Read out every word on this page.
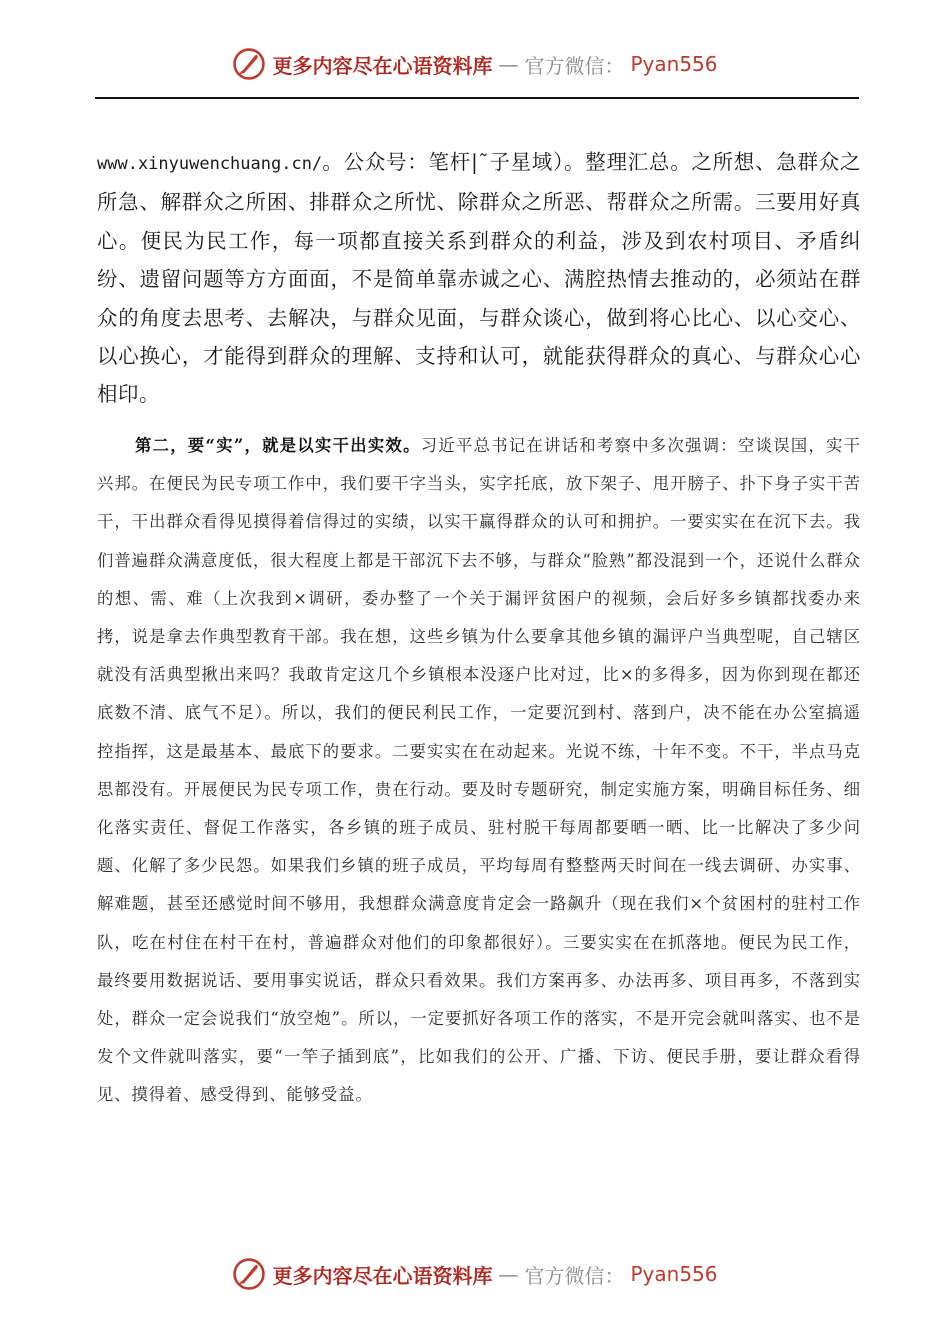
更多内容尽在心语资料库 — 官方微信： Pyan556

www.xinyuwenchuang.cn/。公众号：笔杆|˜子星域）。整理汇总。之所想、急群众之所急、解群众之所困、排群众之所忧、除群众之所恶、帮群众之所需。三要用好真心。便民为民工作，每一项都直接关系到群众的利益，涉及到农村项目、矛盾纠纷、遗留问题等方方面面，不是简单靠赤诚之心、满腔热情去推动的，必须站在群众的角度去思考、去解决，与群众见面，与群众谈心，做到将心比心、以心交心、以心换心，才能得到群众的理解、支持和认可，就能获得群众的真心、与群众心心相印。

第二，要“实”，就是以实干出实效。习近平总书记在讲话和考察中多次强调：空谈误国，实干兴邦。在便民为民专项工作中，我们要干字当头，实字托底，放下架子、甩开膀子、扑下身子实干苦干，干出群众看得见摸得着信得过的实绩，以实干赢得群众的认可和拥护。一要实实在在沉下去。我们普遍群众满意度低，很大程度上都是干部沉下去不够，与群众“脸熟”都没混到一个，还说什么群众的想、需、难（上次我到×调研，委办整了一个关于漏评贫困户的视频，会后好多乡镇都找委办来拷，说是拿去作典型教育干部。我在想，这些乡镇为什么要拿其他乡镇的漏评户当典型呢，自己辖区就没有活典型揪出来吗？我敢肯定这几个乡镇根本没逐户比对过，比×的多得多，因为你到现在都还底数不清、底气不足）。所以，我们的便民利民工作，一定要沉到村、落到户，决不能在办公室搞遥控指挥，这是最基本、最底下的要求。二要实实在在动起来。光说不练，十年不变。不干，半点马克思都没有。开展便民为民专项工作，贵在行动。要及时专题研究，制定实施方案，明确目标任务、细化落实责任、督促工作落实，各乡镇的班子成员、驻村脱干每周都要晒一晒、比一比解决了多少问题、化解了多少民怨。如果我们乡镇的班子成员，平均每周有整整两天时间在一线去调研、办实事、解难题，甚至还感觉时间不够用，我想群众满意度肯定会一路飙升（现在我们×个贫困村的驻村工作队，吃在村住在村干在村，普遍群众对他们的印象都很好）。三要实实在在抓落地。便民为民工作，最终要用数据说话、要用事实说话，群众只看效果。我们方案再多、办法再多、项目再多，不落到实处，群众一定会说我们“放空炮”。所以，一定要抓好各项工作的落实，不是开完会就叫落实、也不是发个文件就叫落实，要“一竿子插到底”，比如我们的公开、广播、下访、便民手册，要让群众看得见、摸得着、感受得到、能够受益。

更多内容尽在心语资料库 — 官方微信： Pyan556
